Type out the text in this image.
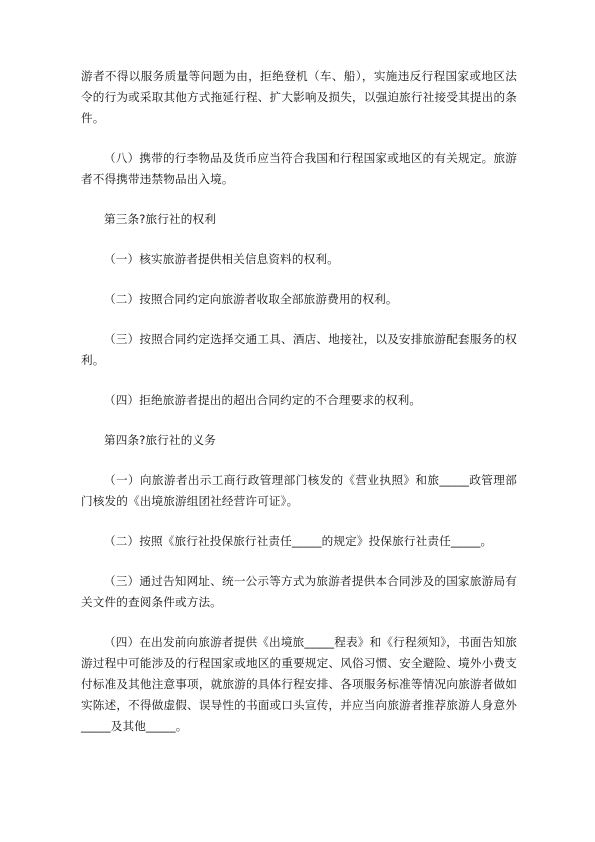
游者不得以服务质量等问题为由，拒绝登机（车、船），实施违反行程国家或地区法令的行为或采取其他方式拖延行程、扩大影响及损失，以强迫旅行社接受其提出的条件。

（八）携带的行李物品及货币应当符合我国和行程国家或地区的有关规定。旅游者不得携带违禁物品出入境。

第三条?旅行社的权利

（一）核实旅游者提供相关信息资料的权利。

（二）按照合同约定向旅游者收取全部旅游费用的权利。

（三）按照合同约定选择交通工具、酒店、地接社，以及安排旅游配套服务的权利。

（四）拒绝旅游者提出的超出合同约定的不合理要求的权利。

第四条?旅行社的义务

（一）向旅游者出示工商行政管理部门核发的《营业执照》和旅_____政管理部门核发的《出境旅游组团社经营许可证》。

（二）按照《旅行社投保旅行社责任_____的规定》投保旅行社责任_____。

（三）通过告知网址、统一公示等方式为旅游者提供本合同涉及的国家旅游局有关文件的查阅条件或方法。

（四）在出发前向旅游者提供《出境旅_____程表》和《行程须知》，书面告知旅游过程中可能涉及的行程国家或地区的重要规定、风俗习惯、安全避险、境外小费支付标准及其他注意事项，就旅游的具体行程安排、各项服务标准等情况向旅游者做如实陈述，不得做虚假、误导性的书面或口头宣传，并应当向旅游者推荐旅游人身意外_____及其他_____。
